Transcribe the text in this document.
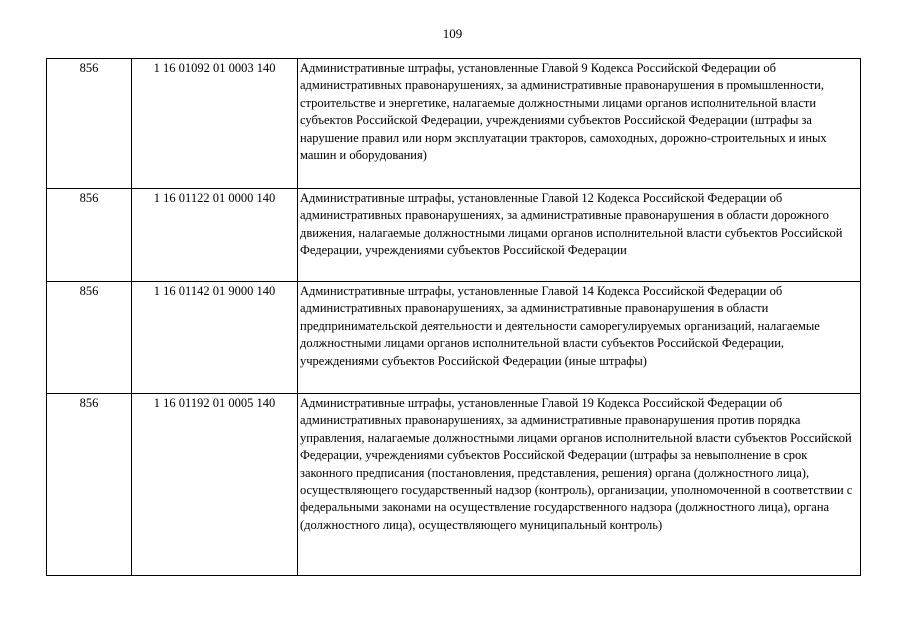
109
856	1 16 01092 01 0003 140	Административные штрафы, установленные Главой 9 Кодекса Российской Федерации об административных правонарушениях, за административные правонарушения в промышленности, строительстве и энергетике, налагаемые должностными лицами органов исполнительной власти субъектов Российской Федерации, учреждениями субъектов Российской Федерации (штрафы за нарушение правил или норм эксплуатации тракторов, самоходных, дорожно-строительных и иных машин и оборудования)
856	1 16 01122 01 0000 140	Административные штрафы, установленные Главой 12 Кодекса Российской Федерации об административных правонарушениях, за административные правонарушения в области дорожного движения, налагаемые должностными лицами органов исполнительной власти субъектов Российской Федерации, учреждениями субъектов Российской Федерации
856	1 16 01142 01 9000 140	Административные штрафы, установленные Главой 14 Кодекса Российской Федерации об административных правонарушениях, за административные правонарушения в области предпринимательской деятельности и деятельности саморегулируемых организаций, налагаемые должностными лицами органов исполнительной власти субъектов Российской Федерации, учреждениями субъектов Российской Федерации (иные штрафы)
856	1 16 01192 01 0005 140	Административные штрафы, установленные Главой 19 Кодекса Российской Федерации об административных правонарушениях, за административные правонарушения против порядка управления, налагаемые должностными лицами органов исполнительной власти субъектов Российской Федерации, учреждениями субъектов Российской Федерации (штрафы за невыполнение в срок законного предписания (постановления, представления, решения) органа (должностного лица), осуществляющего государственный надзор (контроль), организации, уполномоченной в соответствии с федеральными законами на осуществление государственного надзора (должностного лица), органа (должностного лица), осуществляющего муниципальный контроль)
